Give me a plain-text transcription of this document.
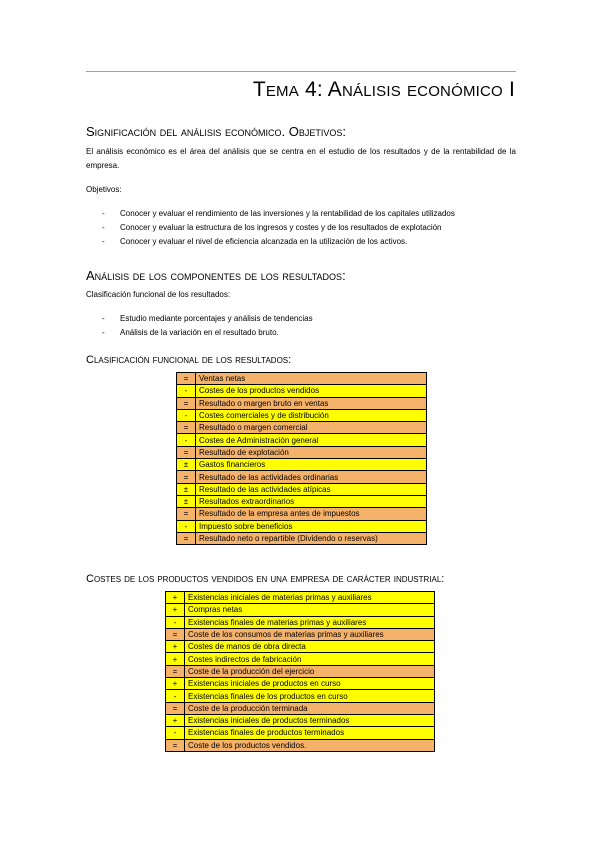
Tema 4: Análisis económico I
Significación del análisis económico. Objetivos:
El análisis económico es el área del análisis que se centra en el estudio de los resultados y de la rentabilidad de la empresa.
Objetivos:
- Conocer y evaluar el rendimiento de las inversiones y la rentabilidad de los capitales utilizados
- Conocer y evaluar la estructura de los ingresos y costes y de los resultados de explotación
- Conocer y evaluar el nivel de eficiencia alcanzada en la utilización de los activos.
Análisis de los componentes de los resultados:
Clasificación funcional de los resultados:
- Estudio mediante porcentajes y análisis de tendencias
- Análisis de la variación en el resultado bruto.
Clasificación funcional de los resultados:
=	Ventas netas
-	Costes de los productos vendidos
=	Resultado o margen bruto en ventas
-	Costes comerciales y de distribución
=	Resultado o margen comercial
-	Costes de Administración general
=	Resultado de explotación
±	Gastos financieros
=	Resultado de las actividades ordinarias
±	Resultado de las actividades atípicas
±	Resultados extraordinarios
=	Resultado de la empresa antes de impuestos
-	Impuesto sobre beneficios
=	Resultado neto o repartible (Dividendo o reservas)
Costes de los productos vendidos en una empresa de carácter industrial:
+	Existencias iniciales de materias primas y auxiliares
+	Compras netas
-	Existencias finales de materias primas y auxiliares
=	Coste de los consumos de materias primas y auxiliares
+	Costes de manos de obra directa
+	Costes indirectos de fabricación
=	Coste de la producción del ejercicio
+	Existencias iniciales de productos en curso
-	Existencias finales de los productos en curso
=	Coste de la producción terminada
+	Existencias iniciales de productos terminados
-	Existencias finales de productos terminados
=	Coste de los productos vendidos.
